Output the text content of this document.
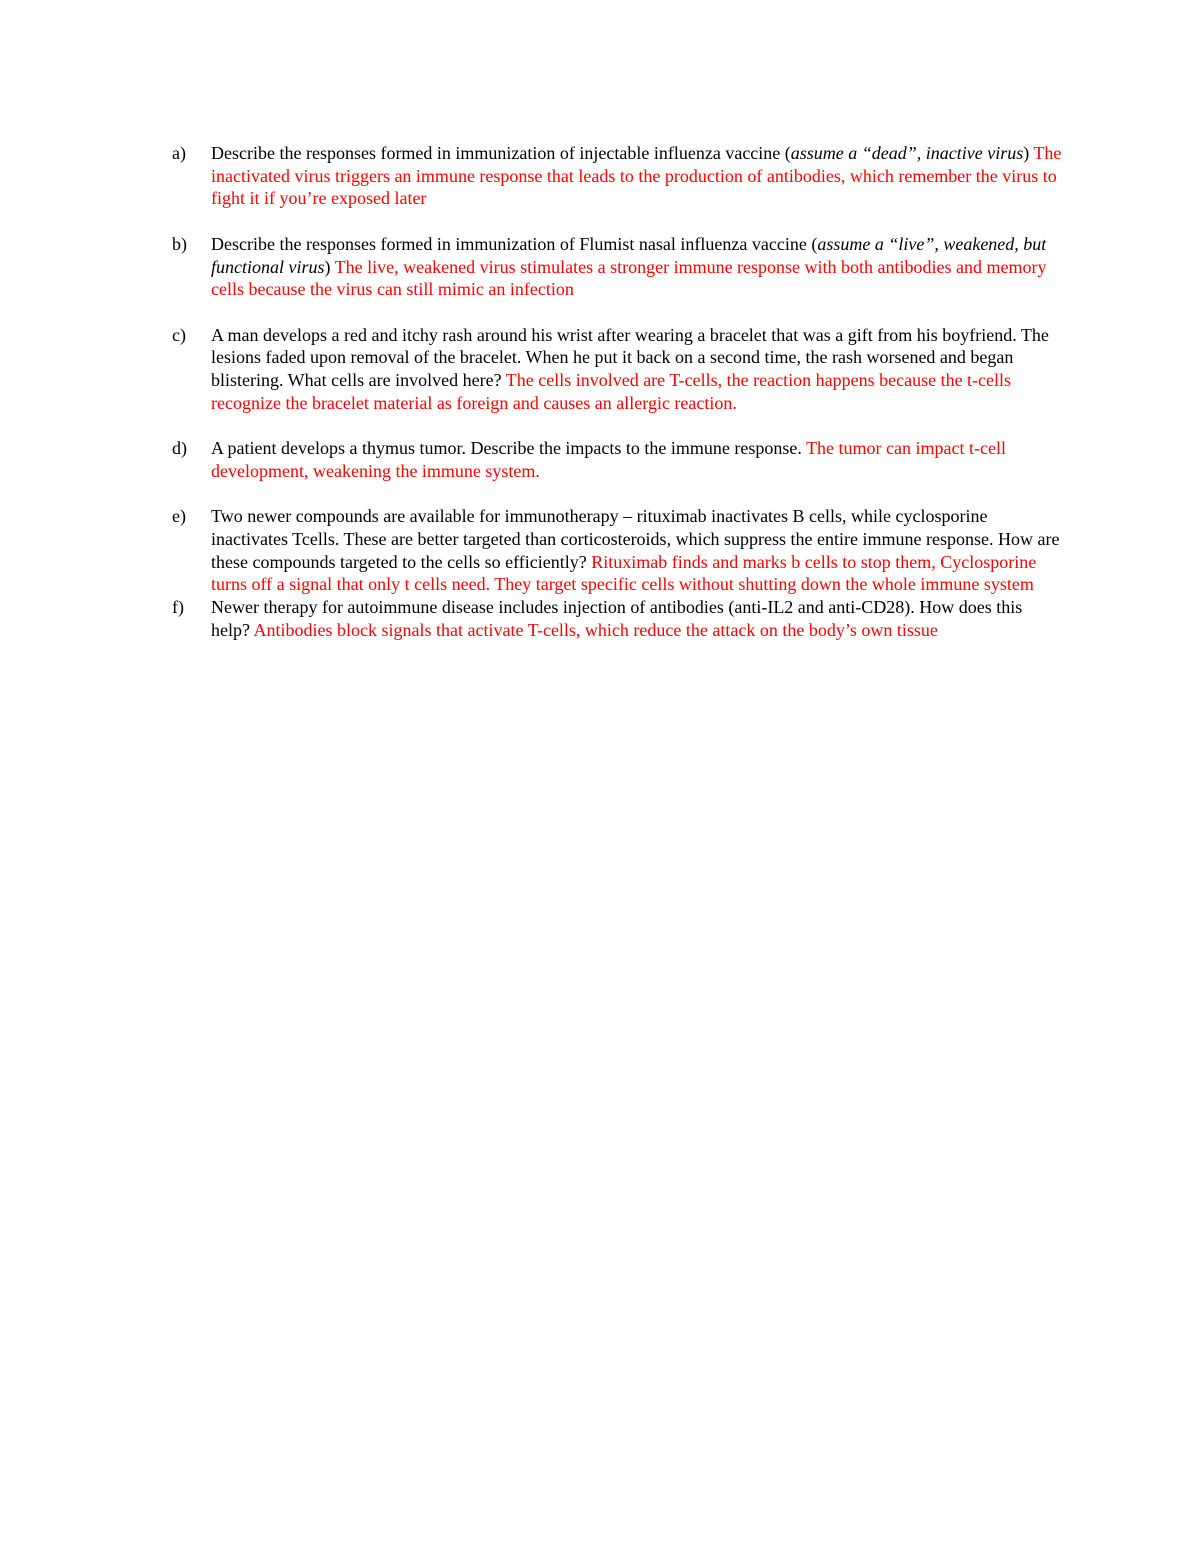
a) Describe the responses formed in immunization of injectable influenza vaccine (assume a “dead”, inactive virus) The inactivated virus triggers an immune response that leads to the production of antibodies, which remember the virus to fight it if you’re exposed later
b) Describe the responses formed in immunization of Flumist nasal influenza vaccine (assume a “live”, weakened, but functional virus) The live, weakened virus stimulates a stronger immune response with both antibodies and memory cells because the virus can still mimic an infection
c) A man develops a red and itchy rash around his wrist after wearing a bracelet that was a gift from his boyfriend. The lesions faded upon removal of the bracelet. When he put it back on a second time, the rash worsened and began blistering. What cells are involved here? The cells involved are T-cells, the reaction happens because the t-cells recognize the bracelet material as foreign and causes an allergic reaction.
d) A patient develops a thymus tumor. Describe the impacts to the immune response. The tumor can impact t-cell development, weakening the immune system.
e) Two newer compounds are available for immunotherapy – rituximab inactivates B cells, while cyclosporine inactivates Tcells. These are better targeted than corticosteroids, which suppress the entire immune response. How are these compounds targeted to the cells so efficiently? Rituximab finds and marks b cells to stop them, Cyclosporine turns off a signal that only t cells need. They target specific cells without shutting down the whole immune system
f) Newer therapy for autoimmune disease includes injection of antibodies (anti-IL2 and anti-CD28). How does this help? Antibodies block signals that activate T-cells, which reduce the attack on the body’s own tissue
